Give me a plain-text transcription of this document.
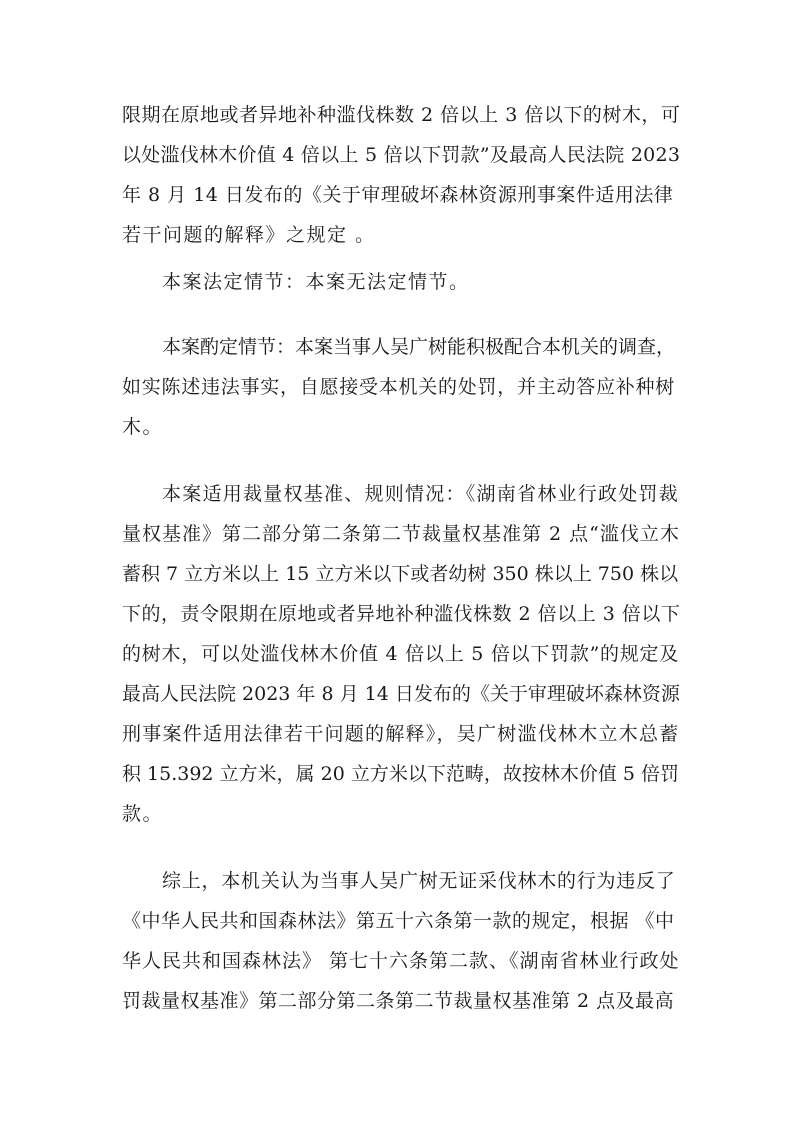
限期在原地或者异地补种滥伐株数 2 倍以上 3 倍以下的树木，可
以处滥伐林木价值 4 倍以上 5 倍以下罚款”及最高人民法院 2023
年 8 月 14 日发布的《关于审理破坏森林资源刑事案件适用法律
若干问题的解释》之规定 。
本案法定情节：本案无法定情节。
本案酌定情节：本案当事人吴广树能积极配合本机关的调查，
如实陈述违法事实，自愿接受本机关的处罚，并主动答应补种树
木。
本案适用裁量权基准、规则情况：《湖南省林业行政处罚裁
量权基准》第二部分第二条第二节裁量权基准第 2 点“滥伐立木
蓄积 7 立方米以上 15 立方米以下或者幼树 350 株以上 750 株以
下的，责令限期在原地或者异地补种滥伐株数 2 倍以上 3 倍以下
的树木，可以处滥伐林木价值 4 倍以上 5 倍以下罚款”的规定及
最高人民法院 2023 年 8 月 14 日发布的《关于审理破坏森林资源
刑事案件适用法律若干问题的解释》，吴广树滥伐林木立木总蓄
积 15.392 立方米，属 20 立方米以下范畴，故按林木价值 5 倍罚
款。
综上，本机关认为当事人吴广树无证采伐林木的行为违反了
《中华人民共和国森林法》第五十六条第一款的规定，根据 《中
华人民共和国森林法》 第七十六条第二款、《湖南省林业行政处
罚裁量权基准》第二部分第二条第二节裁量权基准第 2 点及最高
